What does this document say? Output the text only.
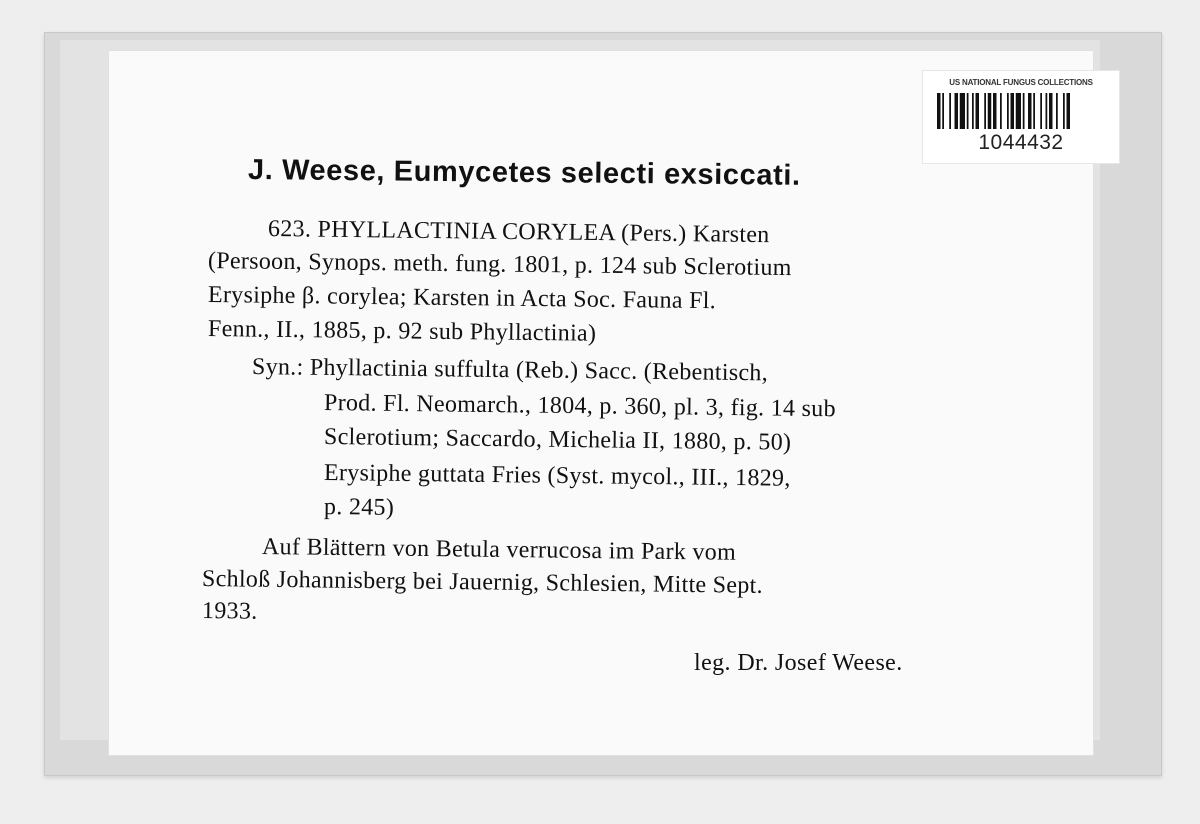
US NATIONAL FUNGUS COLLECTIONS
1044432
J. Weese, Eumycetes selecti exsiccati.
623. PHYLLACTINIA CORYLEA (Pers.) Karsten
(Persoon, Synops. meth. fung. 1801, p. 124 sub Sclerotium
Erysiphe β. corylea; Karsten in Acta Soc. Fauna Fl.
Fenn., II., 1885, p. 92 sub Phyllactinia)
Syn.: Phyllactinia suffulta (Reb.) Sacc. (Rebentisch,
Prod. Fl. Neomarch., 1804, p. 360, pl. 3, fig. 14 sub
Sclerotium; Saccardo, Michelia II, 1880, p. 50)
Erysiphe guttata Fries (Syst. mycol., III., 1829,
p. 245)
Auf Blättern von Betula verrucosa im Park vom
Schloß Johannisberg bei Jauernig, Schlesien, Mitte Sept.
1933.
leg. Dr. Josef Weese.
